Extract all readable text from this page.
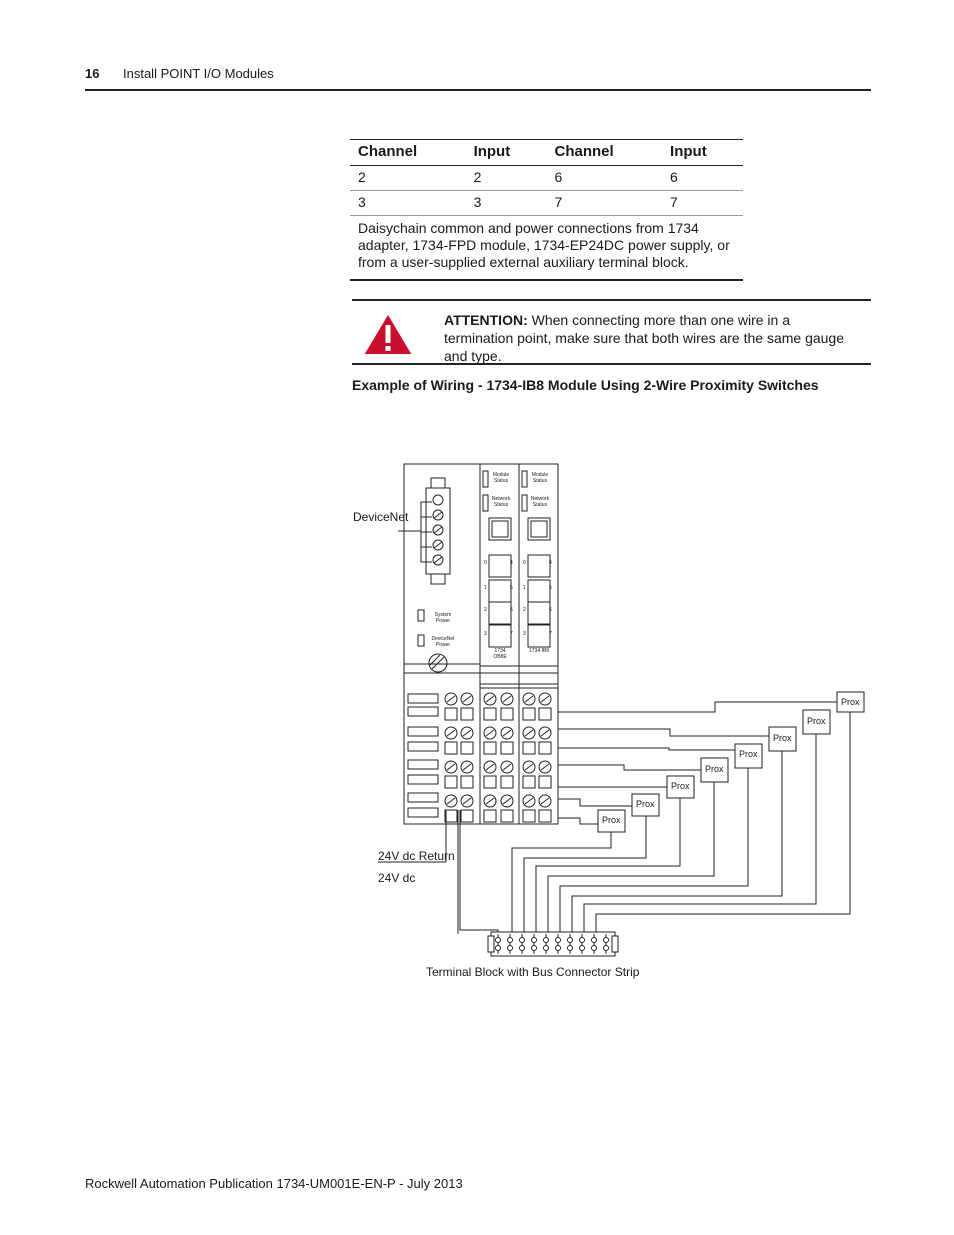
16 Install POINT I/O Modules
Channel	Input	Channel	Input
2	2	6	6
3	3	7	7
Daisychain common and power connections from 1734 adapter, 1734-FPD module, 1734-EP24DC power supply, or from a user-supplied external auxiliary terminal block.			
ATTENTION: When connecting more than one wire in a termination point, make sure that both wires are the same gauge and type.
Example of Wiring - 1734-IB8 Module Using 2-Wire Proximity Switches
DeviceNet
24V dc Return
24V dc
Terminal Block with Bus Connector Strip
Prox
Prox
Prox
Prox
Prox
Prox
Prox
Prox
System Power
DeviceNet Power
Module Status
Network Status
Module Status
Network Status
1734 OB8E
1734 IB8
0	4
1	5
2	6
3	7
0	4
1	5
2	6
3	7
Rockwell Automation Publication 1734-UM001E-EN-P - July 2013
